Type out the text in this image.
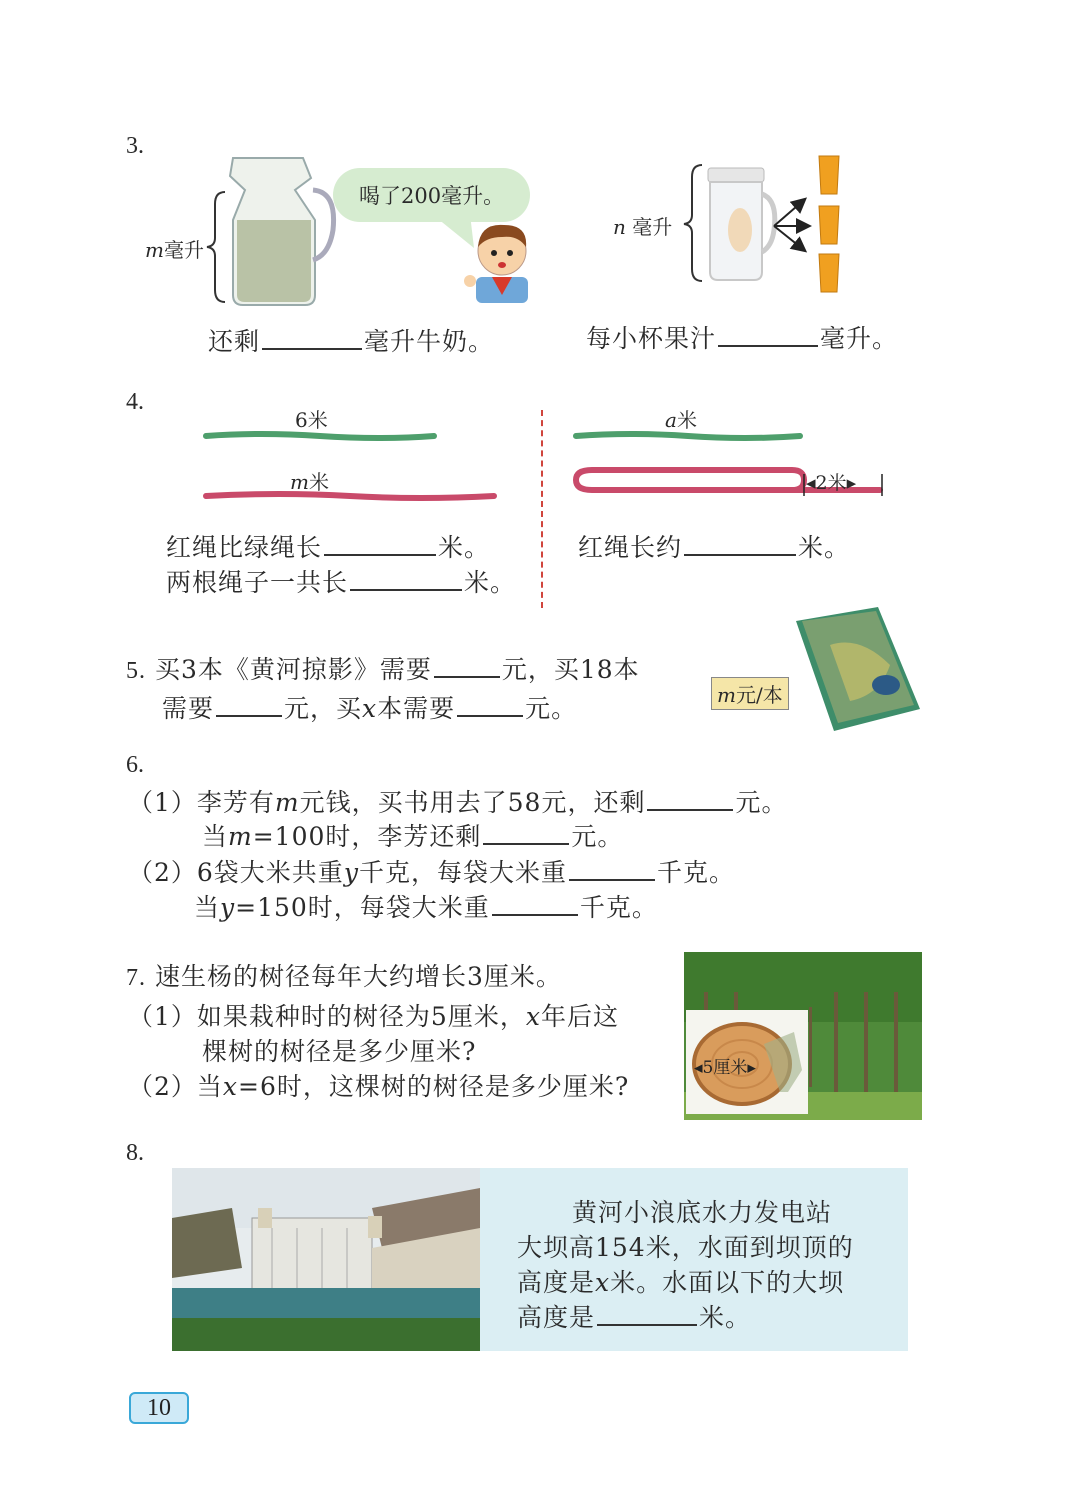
3.
m毫升
喝了200毫升。
还剩	毫升牛奶。
n 毫升
每小杯果汁	毫升。
4.
6米
m米
a米
◂2米▸
红绳比绿绳长	米。
两根绳子一共长	米。
红绳长约	米。
5. 买3本《黄河掠影》需要	元，买18本
需要	元，买x本需要	元。	m元/本
6.
（1）李芳有m元钱，买书用去了58元，还剩	元。
当m=100时，李芳还剩	元。
（2）6袋大米共重y千克，每袋大米重	千克。
当y=150时，每袋大米重	千克。
7. 速生杨的树径每年大约增长3厘米。
（1）如果栽种时的树径为5厘米，x年后这
棵树的树径是多少厘米?
（2）当x=6时，这棵树的树径是多少厘米?
◂5厘米▸
8.
黄河小浪底水力发电站
大坝高154米，水面到坝顶的
高度是x米。水面以下的大坝
高度是	米。
10
